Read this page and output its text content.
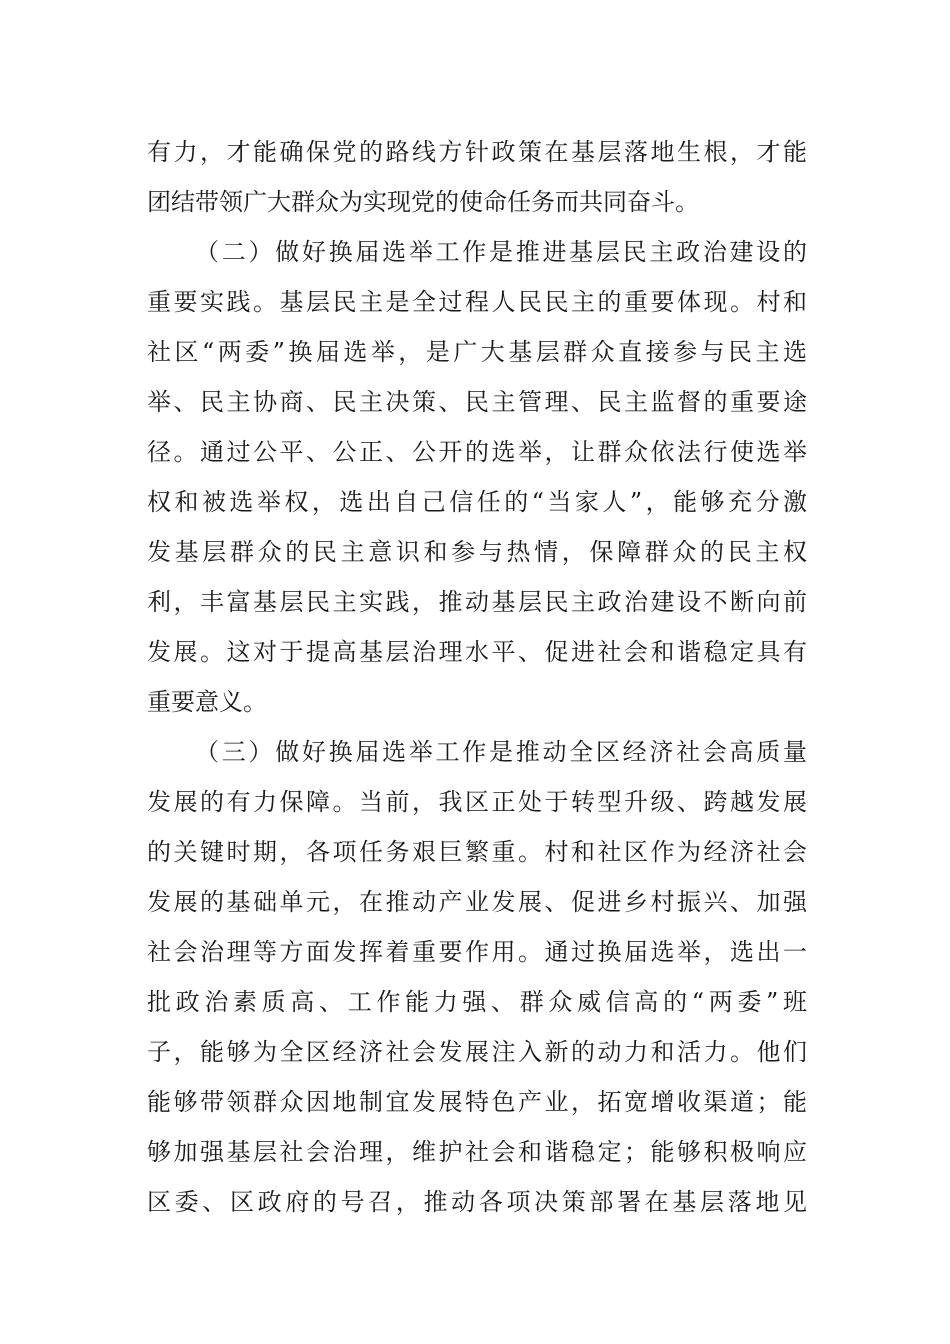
有力，才能确保党的路线方针政策在基层落地生根，才能
团结带领广大群众为实现党的使命任务而共同奋斗。
（二）做好换届选举工作是推进基层民主政治建设的
重要实践。基层民主是全过程人民民主的重要体现。村和
社区“两委”换届选举，是广大基层群众直接参与民主选
举、民主协商、民主决策、民主管理、民主监督的重要途
径。通过公平、公正、公开的选举，让群众依法行使选举
权和被选举权，选出自己信任的“当家人”，能够充分激
发基层群众的民主意识和参与热情，保障群众的民主权
利，丰富基层民主实践，推动基层民主政治建设不断向前
发展。这对于提高基层治理水平、促进社会和谐稳定具有
重要意义。
（三）做好换届选举工作是推动全区经济社会高质量
发展的有力保障。当前，我区正处于转型升级、跨越发展
的关键时期，各项任务艰巨繁重。村和社区作为经济社会
发展的基础单元，在推动产业发展、促进乡村振兴、加强
社会治理等方面发挥着重要作用。通过换届选举，选出一
批政治素质高、工作能力强、群众威信高的“两委”班
子，能够为全区经济社会发展注入新的动力和活力。他们
能够带领群众因地制宜发展特色产业，拓宽增收渠道；能
够加强基层社会治理，维护社会和谐稳定；能够积极响应
区委、区政府的号召，推动各项决策部署在基层落地见
